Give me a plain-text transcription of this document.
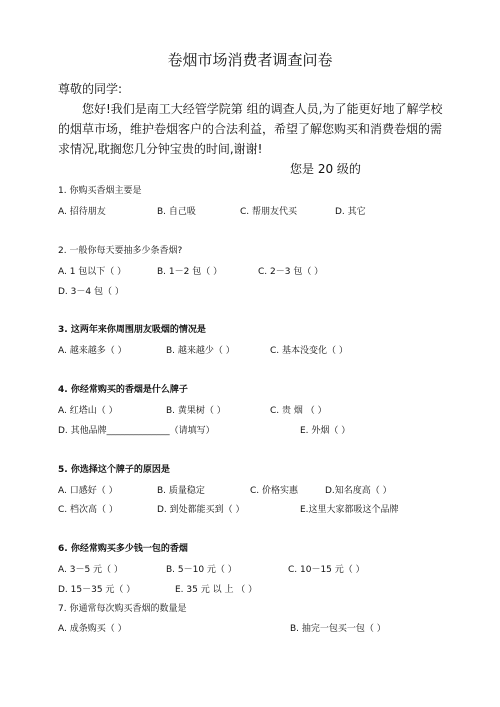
卷烟市场消费者调查问卷
尊敬的同学:
您好!我们是南工大经管学院第 组的调查人员,为了能更好地了解学校
的烟草市场，维护卷烟客户的合法利益，希望了解您购买和消费卷烟的需
求情况,耽搁您几分钟宝贵的时间,谢谢!
您是 20 级的
1. 你购买香烟主要是
A. 招待朋友	B. 自己吸	C. 帮朋友代买	D. 其它
2. 一般你每天要抽多少条香烟?
A. 1 包以下（ ）	B. 1－2 包（ ）	C. 2－3 包（ ）
D. 3－4 包（ ）
3. 这两年来你周围朋友吸烟的情况是
A. 越来越多（ ）	B. 越来越少（ ）	C. 基本没变化（ ）
4. 你经常购买的香烟是什么牌子
A. 红塔山（ ）	B. 黄果树（ ）	C. 贵 烟 （ ）
D. 其他品牌______________（请填写）	E. 外烟（ ）
5. 你选择这个牌子的原因是
A. 口感好（ ）	B. 质量稳定	C. 价格实惠	D.知名度高（ ）
C. 档次高（ ）	D. 到处都能买到（ ）	E.这里大家都吸这个品牌
6. 你经常购买多少钱一包的香烟
A. 3－5 元（ ）	B. 5－10 元（ ）	C. 10－15 元（ ）
D. 15－35 元（ ）	E. 35 元 以 上 （ ）
7. 你通常每次购买香烟的数量是
A. 成条购买（ ）	B. 抽完一包买一包（ ）
